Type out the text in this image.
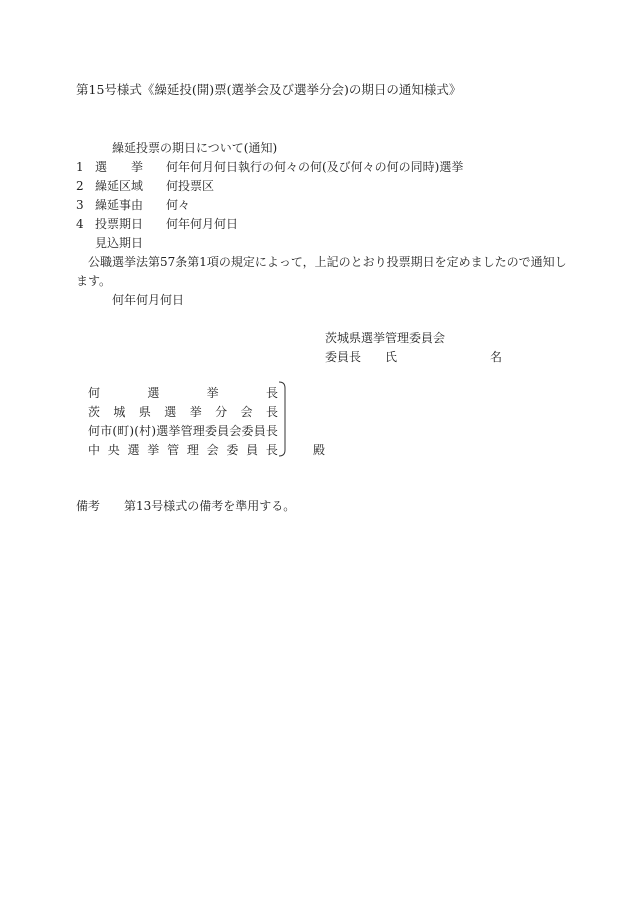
第15号様式《繰延投(開)票(選挙会及び選挙分会)の期日の通知様式》
繰延投票の期日について(通知)
1 選　　挙 何年何月何日執行の何々の何(及び何々の何の同時)選挙
2 繰延区域 何投票区
3 繰延事由 何々
4 投票期日 何年何月何日
見込期日
公職選挙法第57条第1項の規定によって，上記のとおり投票期日を定めましたので通知し
ます。
何年何月何日
茨城県選挙管理委員会
委員長 氏	名
何	選	挙	長
茨 城 県 選 挙 分 会 長
何 市 ( 町 ) ( 村 ) 選 挙 管 理 委 員 会 委 員 長
中 央 選 挙 管 理 会 委 員 長	殿
備考 第13号様式の備考を準用する。
